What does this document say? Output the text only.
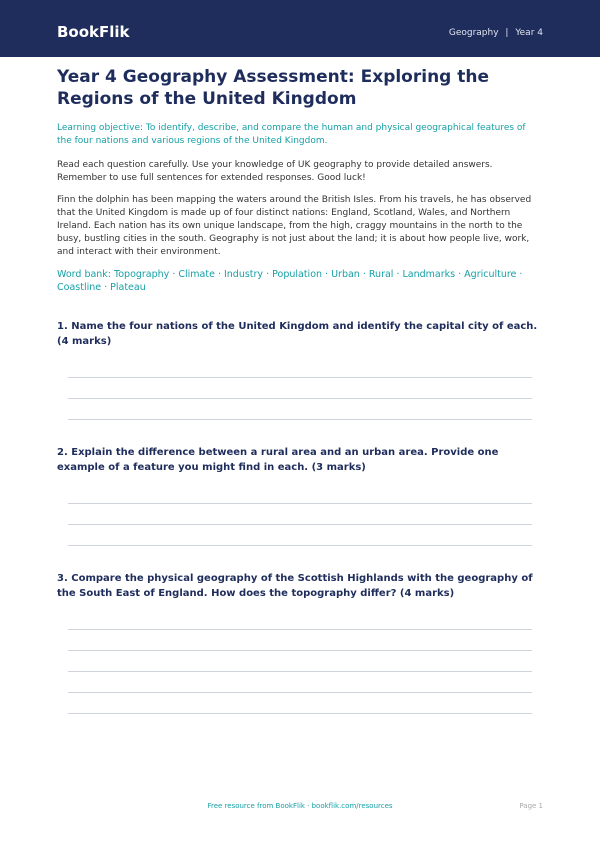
BookFlik	Geography | Year 4
Year 4 Geography Assessment: Exploring the Regions of the United Kingdom

Learning objective: To identify, describe, and compare the human and physical geographical features of the four nations and various regions of the United Kingdom.

Read each question carefully. Use your knowledge of UK geography to provide detailed answers. Remember to use full sentences for extended responses. Good luck!

Finn the dolphin has been mapping the waters around the British Isles. From his travels, he has observed that the United Kingdom is made up of four distinct nations: England, Scotland, Wales, and Northern Ireland. Each nation has its own unique landscape, from the high, craggy mountains in the north to the busy, bustling cities in the south. Geography is not just about the land; it is about how people live, work, and interact with their environment.

Word bank: Topography · Climate · Industry · Population · Urban · Rural · Landmarks · Agriculture · Coastline · Plateau

1. Name the four nations of the United Kingdom and identify the capital city of each. (4 marks)

2. Explain the difference between a rural area and an urban area. Provide one example of a feature you might find in each. (3 marks)

3. Compare the physical geography of the Scottish Highlands with the geography of the South East of England. How does the topography differ? (4 marks)

Free resource from BookFlik · bookflik.com/resources	Page 1
